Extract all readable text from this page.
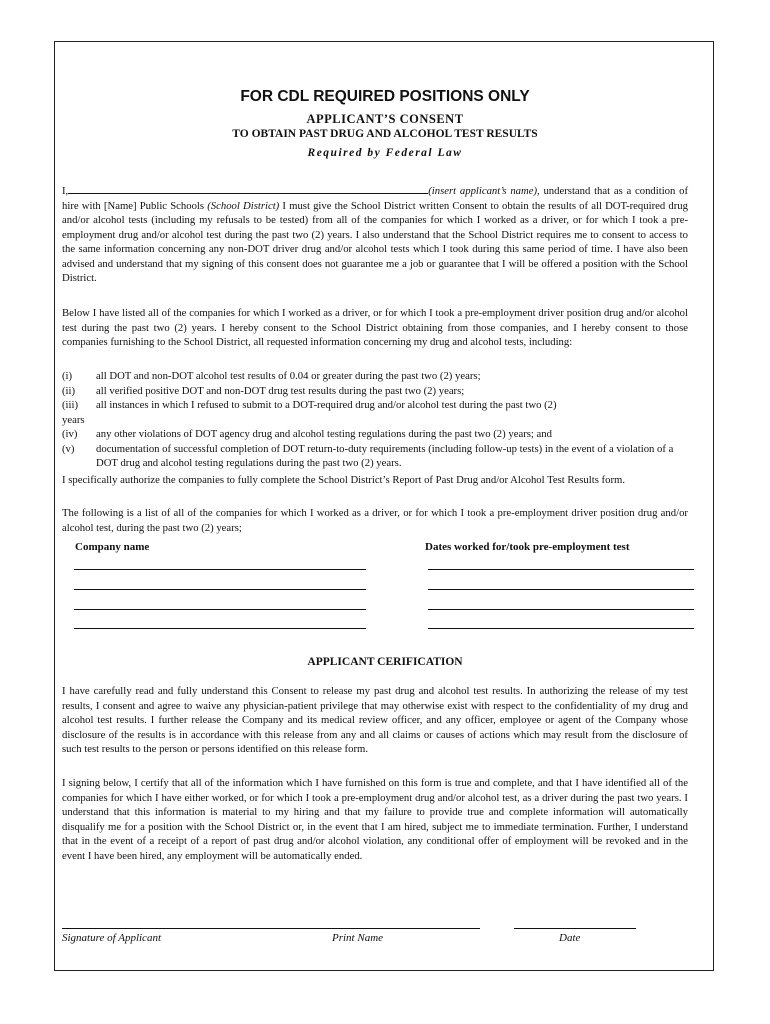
FOR CDL REQUIRED POSITIONS ONLY
APPLICANT’S CONSENT
TO OBTAIN PAST DRUG AND ALCOHOL TEST RESULTS
Required by Federal Law

I,	(insert applicant’s name), understand that as a condition of hire with [Name] Public Schools (School District) I must give the School District written Consent to obtain the results of all DOT-required drug and/or alcohol tests (including my refusals to be tested) from all of the companies for which I worked as a driver, or for which I took a pre-employment drug and/or alcohol test during the past two (2) years. I also understand that the School District requires me to consent to access to the same information concerning any non-DOT driver drug and/or alcohol tests which I took during this same period of time. I have also been advised and understand that my signing of this consent does not guarantee me a job or guarantee that I will be offered a position with the School District.

Below I have listed all of the companies for which I worked as a driver, or for which I took a pre-employment driver position drug and/or alcohol test during the past two (2) years. I hereby consent to the School District obtaining from those companies, and I hereby consent to those companies furnishing to the School District, all requested information concerning my drug and alcohol tests, including:

(i)	all DOT and non-DOT alcohol test results of 0.04 or greater during the past two (2) years;
(ii)	all verified positive DOT and non-DOT drug test results during the past two (2) years;
(iii)	all instances in which I refused to submit to a DOT-required drug and/or alcohol test during the past two (2)
years
(iv)	any other violations of DOT agency drug and alcohol testing regulations during the past two (2) years; and
(v)	documentation of successful completion of DOT return-to-duty requirements (including follow-up tests) in the event of a violation of a DOT drug and alcohol testing regulations during the past two (2) years.

I specifically authorize the companies to fully complete the School District’s Report of Past Drug and/or Alcohol Test Results form.

The following is a list of all of the companies for which I worked as a driver, or for which I took a pre-employment driver position drug and/or alcohol test, during the past two (2) years;

Company name	Dates worked for/took pre-employment test
APPLICANT CERIFICATION

I have carefully read and fully understand this Consent to release my past drug and alcohol test results. In authorizing the release of my test results, I consent and agree to waive any physician-patient privilege that may otherwise exist with respect to the confidentiality of my drug and alcohol test results. I further release the Company and its medical review officer, and any officer, employee or agent of the Company whose disclosure of the results is in accordance with this release from any and all claims or causes of actions which may result from the disclosure of such test results to the person or persons identified on this release form.

I signing below, I certify that all of the information which I have furnished on this form is true and complete, and that I have identified all of the companies for which I have either worked, or for which I took a pre-employment drug and/or alcohol test, as a driver during the past two years. I understand that this information is material to my hiring and that my failure to provide true and complete information will automatically disqualify me for a position with the School District or, in the event that I am hired, subject me to immediate termination. Further, I understand that in the event of a receipt of a report of past drug and/or alcohol violation, any conditional offer of employment will be revoked and in the event I have been hired, any employment will be automatically ended.

Signature of Applicant	Print Name	Date
